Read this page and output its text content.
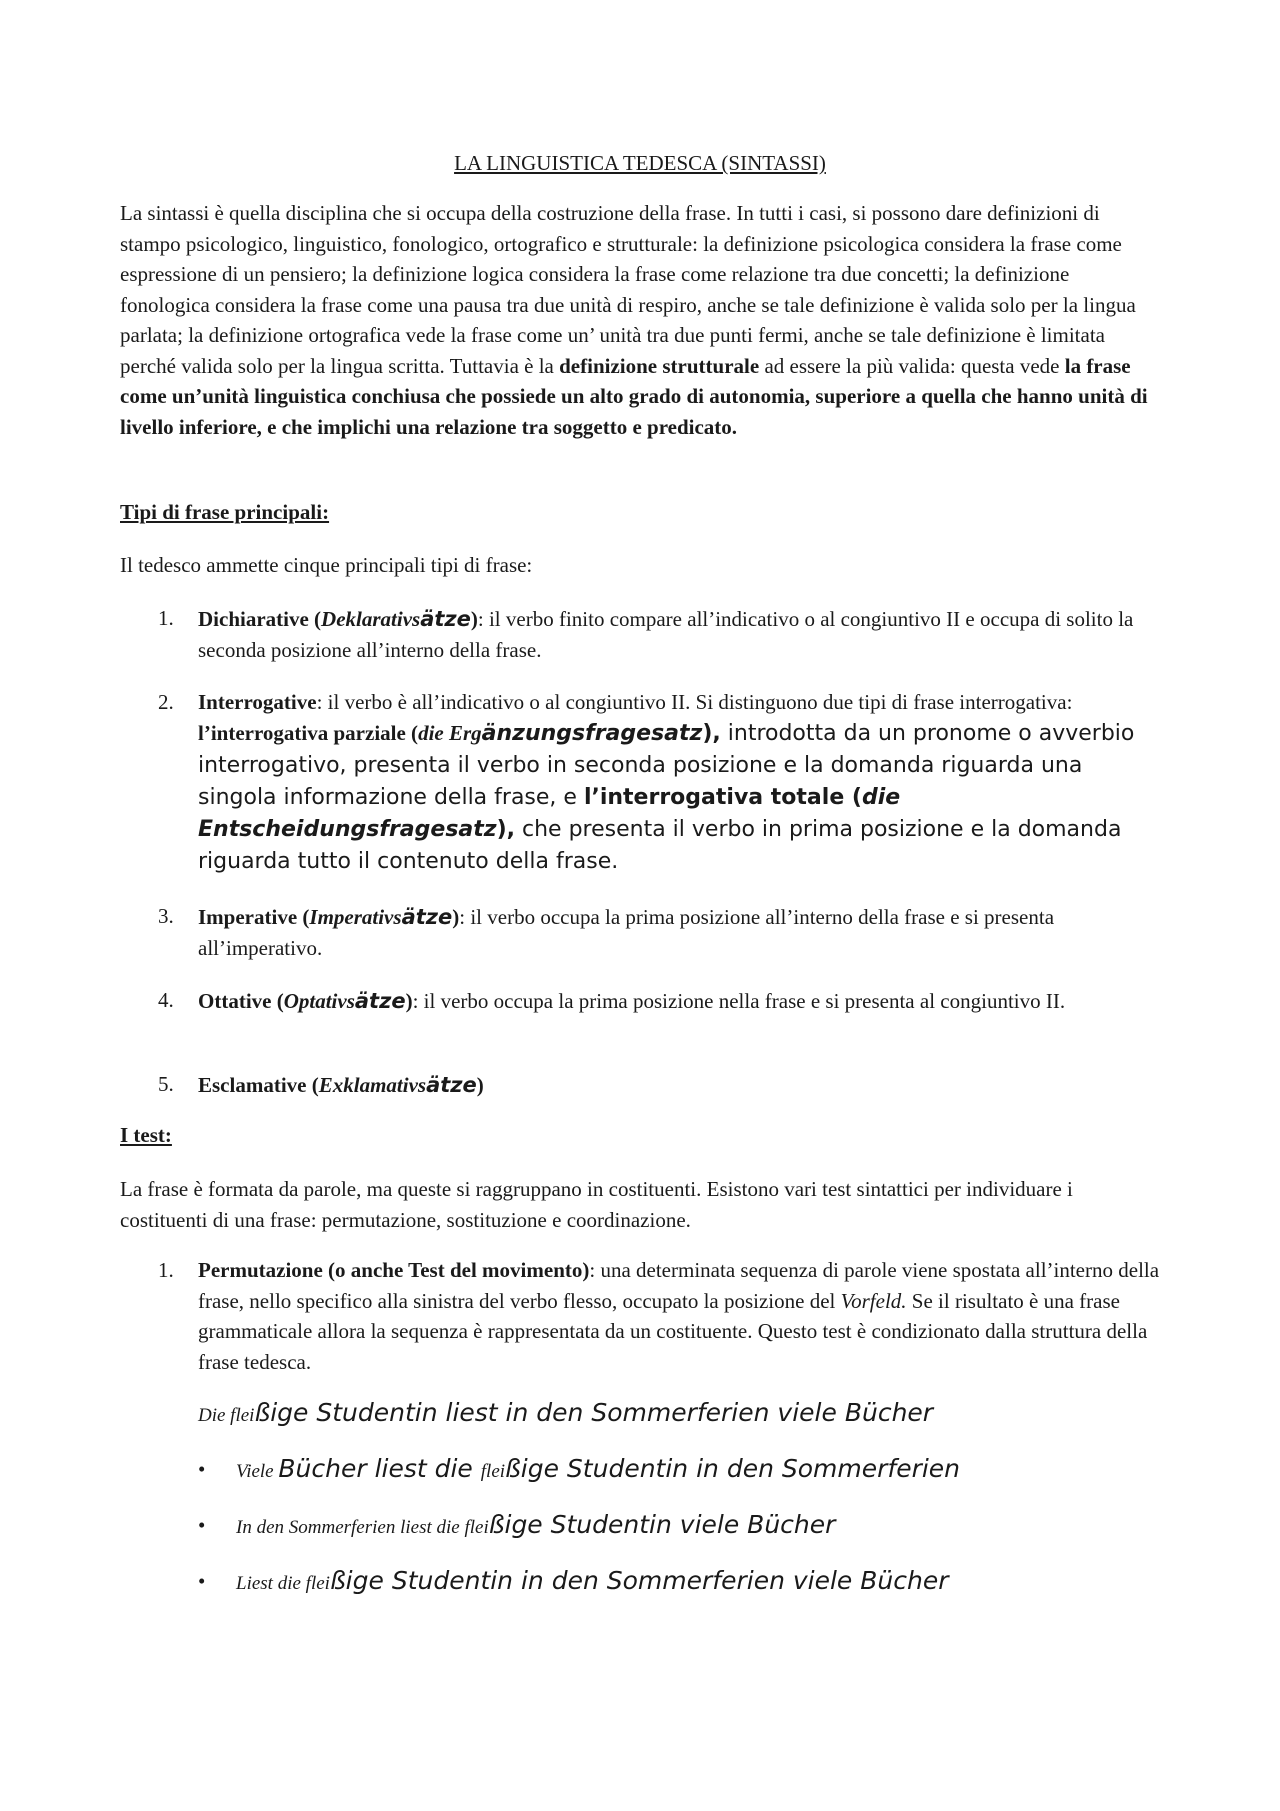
LA LINGUISTICA TEDESCA (SINTASSI)

La sintassi è quella disciplina che si occupa della costruzione della frase. In tutti i casi, si possono dare definizioni di stampo psicologico, linguistico, fonologico, ortografico e strutturale: la definizione psicologica considera la frase come espressione di un pensiero; la definizione logica considera la frase come relazione tra due concetti; la definizione fonologica considera la frase come una pausa tra due unità di respiro, anche se tale definizione è valida solo per la lingua parlata; la definizione ortografica vede la frase come un’ unità tra due punti fermi, anche se tale definizione è limitata perché valida solo per la lingua scritta. Tuttavia è la definizione strutturale ad essere la più valida: questa vede la frase come un’unità linguistica conchiusa che possiede un alto grado di autonomia, superiore a quella che hanno unità di livello inferiore, e che implichi una relazione tra soggetto e predicato.

Tipi di frase principali:
Il tedesco ammette cinque principali tipi di frase:
1. Dichiarative (Deklarativsätze): il verbo finito compare all’indicativo o al congiuntivo II e occupa di solito la seconda posizione all’interno della frase.
2. Interrogative: il verbo è all’indicativo o al congiuntivo II. Si distinguono due tipi di frase interrogativa: l’interrogativa parziale (die Ergänzungsfragesatz), introdotta da un pronome o avverbio interrogativo, presenta il verbo in seconda posizione e la domanda riguarda una singola informazione della frase, e l’interrogativa totale (die Entscheidungsfragesatz), che presenta il verbo in prima posizione e la domanda riguarda tutto il contenuto della frase.
3. Imperative (Imperativsätze): il verbo occupa la prima posizione all’interno della frase e si presenta all’imperativo.
4. Ottative (Optativsätze): il verbo occupa la prima posizione nella frase e si presenta al congiuntivo II.
5. Esclamative (Exklamativsätze)
I test:

La frase è formata da parole, ma queste si raggruppano in costituenti. Esistono vari test sintattici per individuare i costituenti di una frase: permutazione, sostituzione e coordinazione.

1. Permutazione (o anche Test del movimento): una determinata sequenza di parole viene spostata all’interno della frase, nello specifico alla sinistra del verbo flesso, occupato la posizione del Vorfeld. Se il risultato è una frase grammaticale allora la sequenza è rappresentata da un costituente. Questo test è condizionato dalla struttura della frase tedesca.
Die fleißige Studentin liest in den Sommerferien viele Bücher
• Viele Bücher liest die fleißige Studentin in den Sommerferien
• In den Sommerferien liest die fleißige Studentin viele Bücher
• Liest die fleißige Studentin in den Sommerferien viele Bücher
